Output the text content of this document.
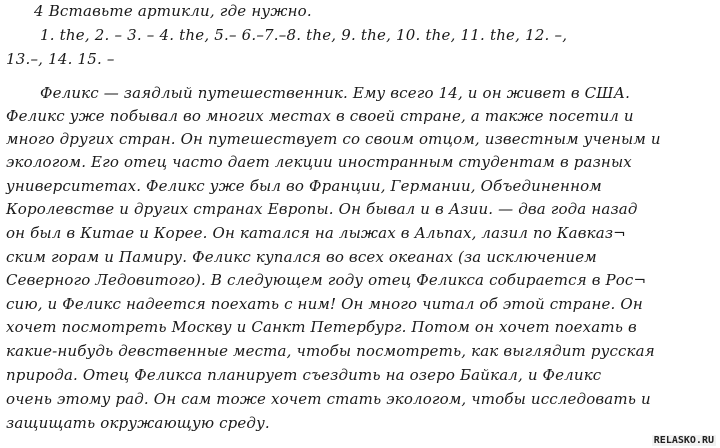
4 Вставьте артикли, где нужно.
1. the, 2. – 3. – 4. the, 5.– 6.–7.–8. the, 9. the, 10. the, 11. the, 12. –,
13.–, 14. 15. –
Феликс — заядлый путешественник. Ему всего 14, и он живет в США.
Феликс уже побывал во многих местах в своей стране, а также посетил и
много других стран. Он путешествует со своим отцом, известным ученым и
экологом. Его отец часто дает лекции иностранным студентам в разных
университетах. Феликс уже был во Франции, Германии, Объединенном
Королевстве и других странах Европы. Он бывал и в Азии. — два года назад
он был в Китае и Корее. Он катался на лыжах в Альпах, лазил по Кавказ¬
ским горам и Памиру. Феликс купался во всех океанах (за исключением
Северного Ледовитого). В следующем году отец Феликса собирается в Рос¬
сию, и Феликс надеется поехать с ним! Он много читал об этой стране. Он
хочет посмотреть Москву и Санкт Петербург. Потом он хочет поехать в
какие-нибудь девственные места, чтобы посмотреть, как выглядит русская
природа. Отец Феликса планирует съездить на озеро Байкал, и Феликс
очень этому рад. Он сам тоже хочет стать экологом, чтобы исследовать и
защищать окружающую среду.
RELASKO.RU
